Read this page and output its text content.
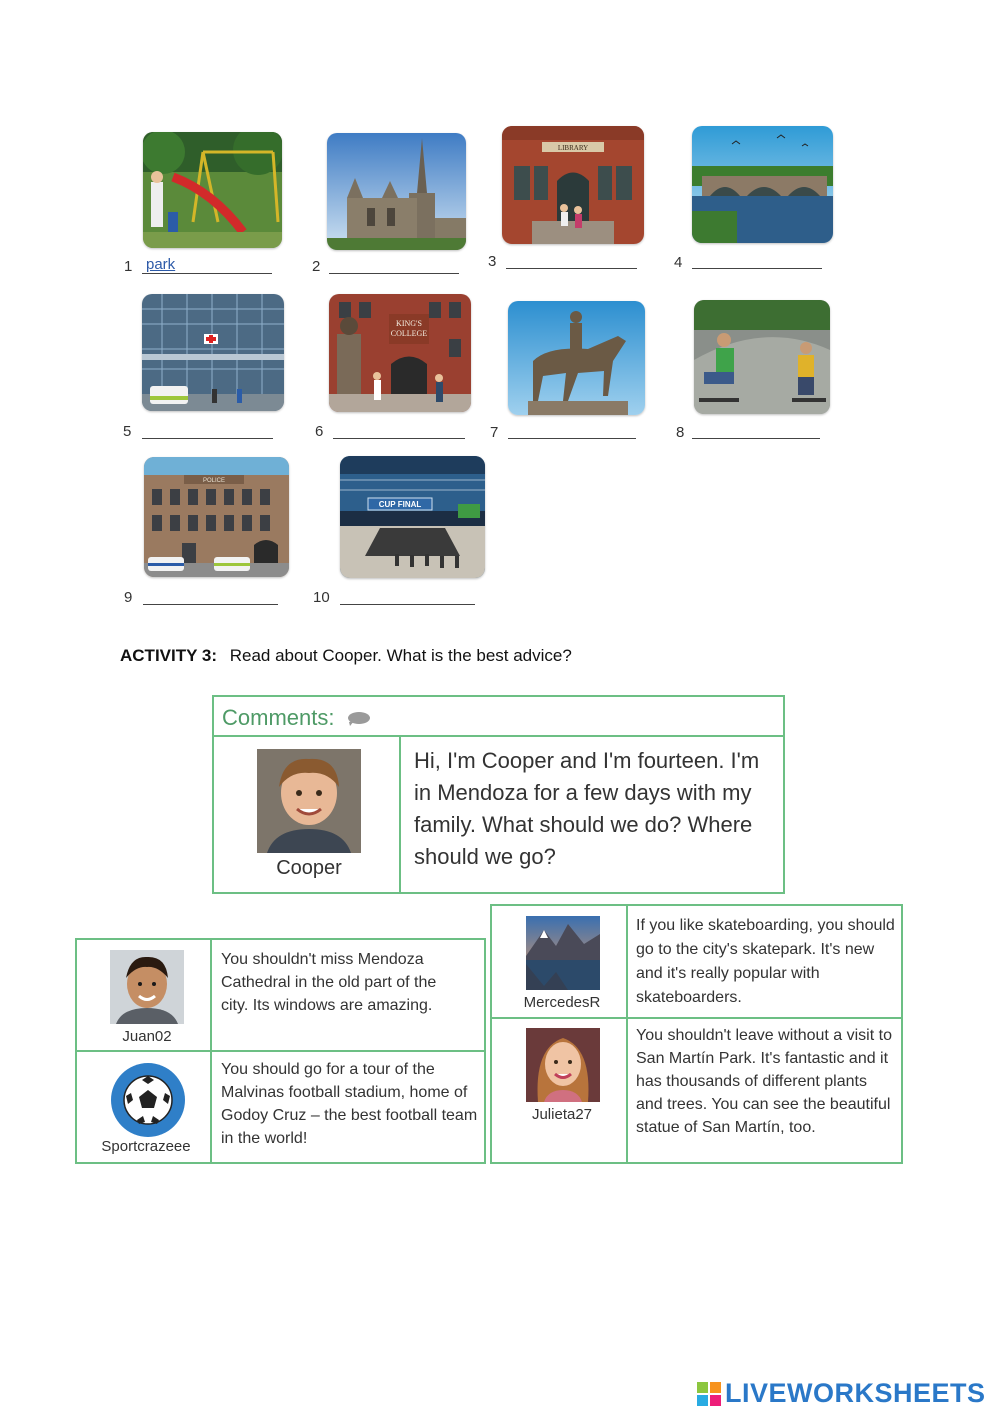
1 park	2
LIBRARY
3	4
5
KING'S
COLLEGE
6	7	8
POLICE
9
CUP FINAL
10
ACTIVITY 3: Read about Cooper. What is the best advice?
Comments:
Cooper
Hi, I'm Cooper and I'm fourteen. I'm in Mendoza for a few days with my family. What should we do? Where should we go?
Juan02
You shouldn't miss Mendoza Cathedral in the old part of the city. Its windows are amazing.
Sportcrazeee
You should go for a tour of the Malvinas football stadium, home of Godoy Cruz – the best football team in the world!
MercedesR
If you like skateboarding, you should go to the city's skatepark. It's new and it's really popular with skateboarders.
Julieta27
You shouldn't leave without a visit to San Martín Park. It's fantastic and it has thousands of different plants and trees. You can see the beautiful statue of San Martín, too.
LIVEWORKSHEETS
